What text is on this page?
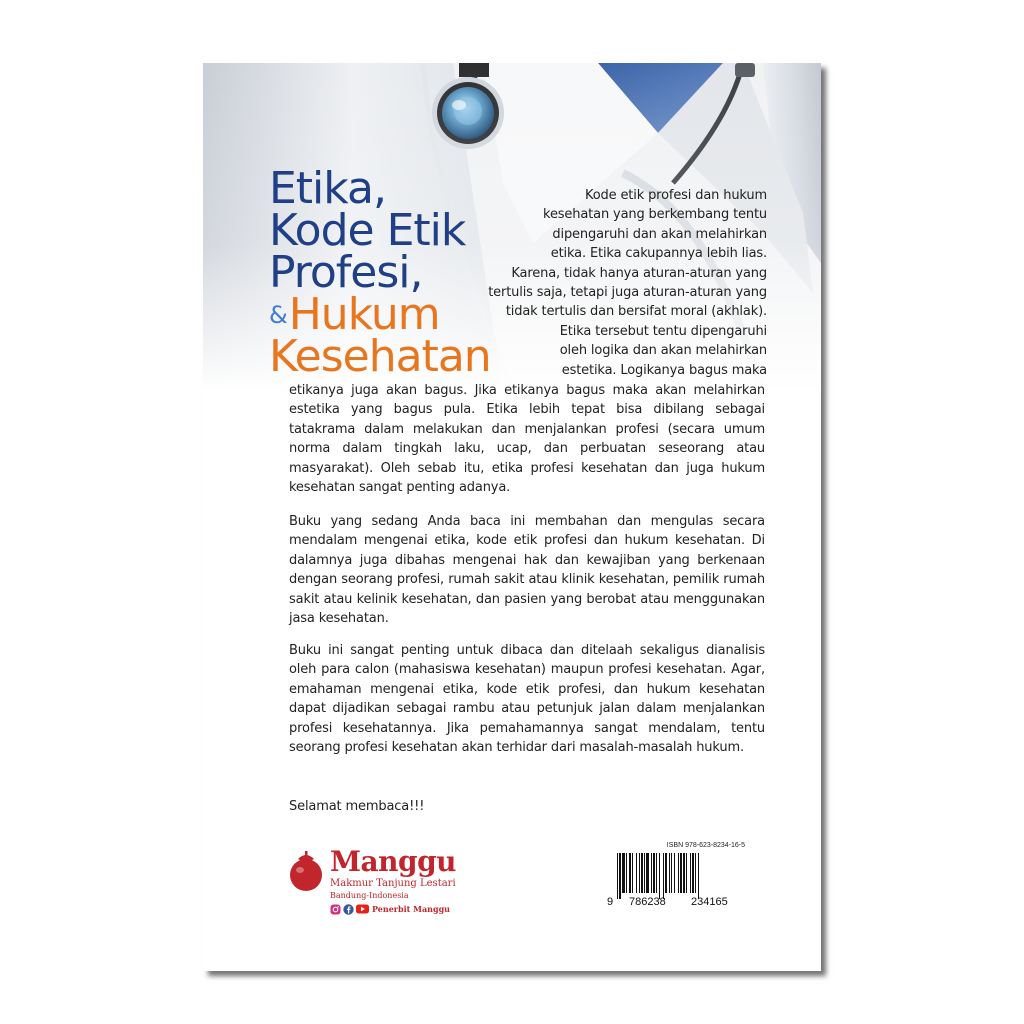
Etika,
Kode Etik
Profesi,
&Hukum
Kesehatan
Kode etik profesi dan hukum
kesehatan yang berkembang tentu
dipengaruhi dan akan melahirkan
etika. Etika cakupannya lebih lias.
Karena, tidak hanya aturan-aturan yang
tertulis saja, tetapi juga aturan-aturan yang
tidak tertulis dan bersifat moral (akhlak).
Etika tersebut tentu dipengaruhi
oleh logika dan akan melahirkan
estetika. Logikanya bagus maka
etikanya juga akan bagus. Jika etikanya bagus maka akan melahirkan estetika yang bagus pula. Etika lebih tepat bisa dibilang sebagai tatakrama dalam melakukan dan menjalankan profesi (secara umum norma dalam tingkah laku, ucap, dan perbuatan seseorang atau masyarakat). Oleh sebab itu, etika profesi kesehatan dan juga hukum kesehatan sangat penting adanya.
Buku yang sedang Anda baca ini membahan dan mengulas secara mendalam mengenai etika, kode etik profesi dan hukum kesehatan. Di dalamnya juga dibahas mengenai hak dan kewajiban yang berkenaan dengan seorang profesi, rumah sakit atau klinik kesehatan, pemilik rumah sakit atau kelinik kesehatan, dan pasien yang berobat atau menggunakan jasa kesehatan.
Buku ini sangat penting untuk dibaca dan ditelaah sekaligus dianalisis oleh para calon (mahasiswa kesehatan) maupun profesi kesehatan. Agar, emahaman mengenai etika, kode etik profesi, dan hukum kesehatan dapat dijadikan sebagai rambu atau petunjuk jalan dalam menjalankan profesi kesehatannya. Jika pemahamannya sangat mendalam, tentu seorang profesi kesehatan akan terhidar dari masalah-masalah hukum.
Selamat membaca!!!
Manggu
Makmur Tanjung Lestari
Bandung-Indonesia
Penerbit Manggu
ISBN 978-623-8234-16-5
9 786238 234165
